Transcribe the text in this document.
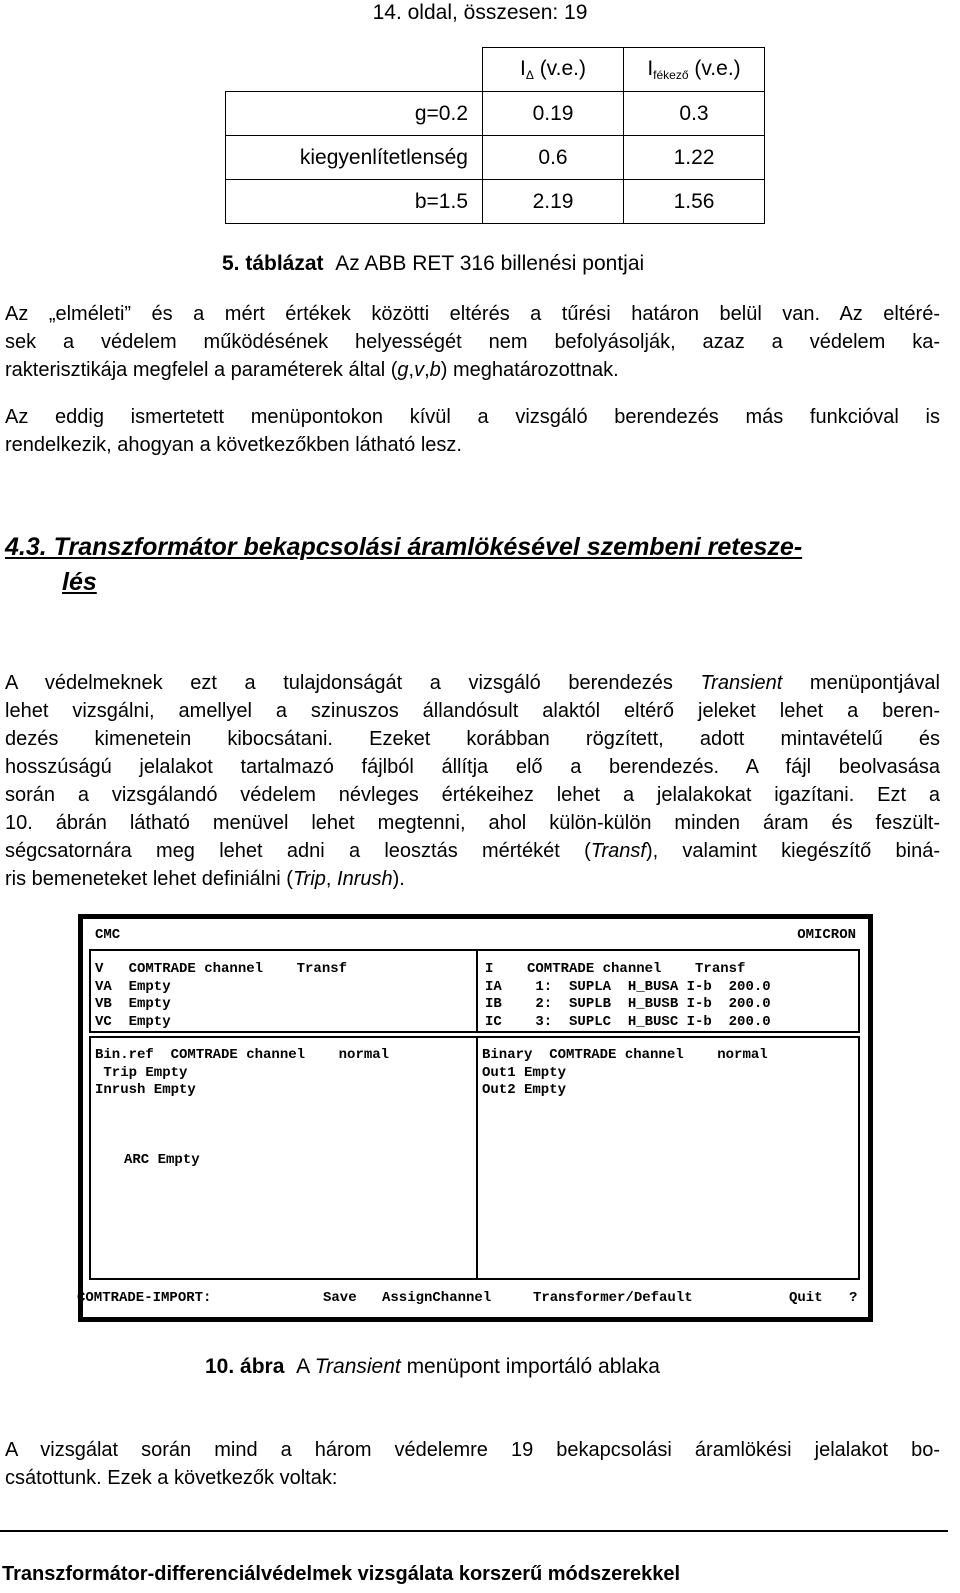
14. oldal, összesen: 19
	$I_\Delta$ (v.e.)	$I_{fékező}$ (v.e.)
g=0.2	0.19	0.3
kiegyenlítetlenség	0.6	1.22
b=1.5	2.19	1.56
5. táblázat Az ABB RET 316 billenési pontjai
Az „elméleti” és a mért értékek közötti eltérés a tűrési határon belül van. Az eltéré-
sek a védelem működésének helyességét nem befolyásolják, azaz a védelem ka-
rakterisztikája megfelel a paraméterek által (g,v,b) meghatározottnak.
Az eddig ismertetett menüpontokon kívül a vizsgáló berendezés más funkcióval is
rendelkezik, ahogyan a következőkben látható lesz.
4.3. Transzformátor bekapcsolási áramlökésével szembeni retesze-
lés
A védelmeknek ezt a tulajdonságát a vizsgáló berendezés Transient menüpontjával
lehet vizsgálni, amellyel a szinuszos állandósult alaktól eltérő jeleket lehet a beren-
dezés kimenetein kibocsátani. Ezeket korábban rögzített, adott mintavételű és
hosszúságú jelalakot tartalmazó fájlból állítja elő a berendezés. A fájl beolvasása
során a vizsgálandó védelem névleges értékeihez lehet a jelalakokat igazítani. Ezt a
10. ábrán látható menüvel lehet megtenni, ahol külön-külön minden áram és feszült-
ségcsatornára meg lehet adni a leosztás mértékét (Transf), valamint kiegészítő biná-
ris bemeneteket lehet definiálni (Trip, Inrush).
CMC	OMICRON
V   COMTRADE channel    Transf
VA  Empty
VB  Empty
VC  Empty
I    COMTRADE channel    Transf
IA    1:  SUPLA  H_BUSA I-b  200.0
IB    2:  SUPLB  H_BUSB I-b  200.0
IC    3:  SUPLC  H_BUSC I-b  200.0
Bin.ref  COMTRADE channel    normal
Trip Empty
Inrush Empty
ARC Empty
Binary  COMTRADE channel    normal
Out1 Empty
Out2 Empty
COMTRADE-IMPORT:	Save AssignChannel	Transformer/Default	Quit ?
10. ábra A Transient menüpont importáló ablaka
A vizsgálat során mind a három védelemre 19 bekapcsolási áramlökési jelalakot bo-
csátottunk. Ezek a következők voltak:
Transzformátor-differenciálvédelmek vizsgálata korszerű módszerekkel
